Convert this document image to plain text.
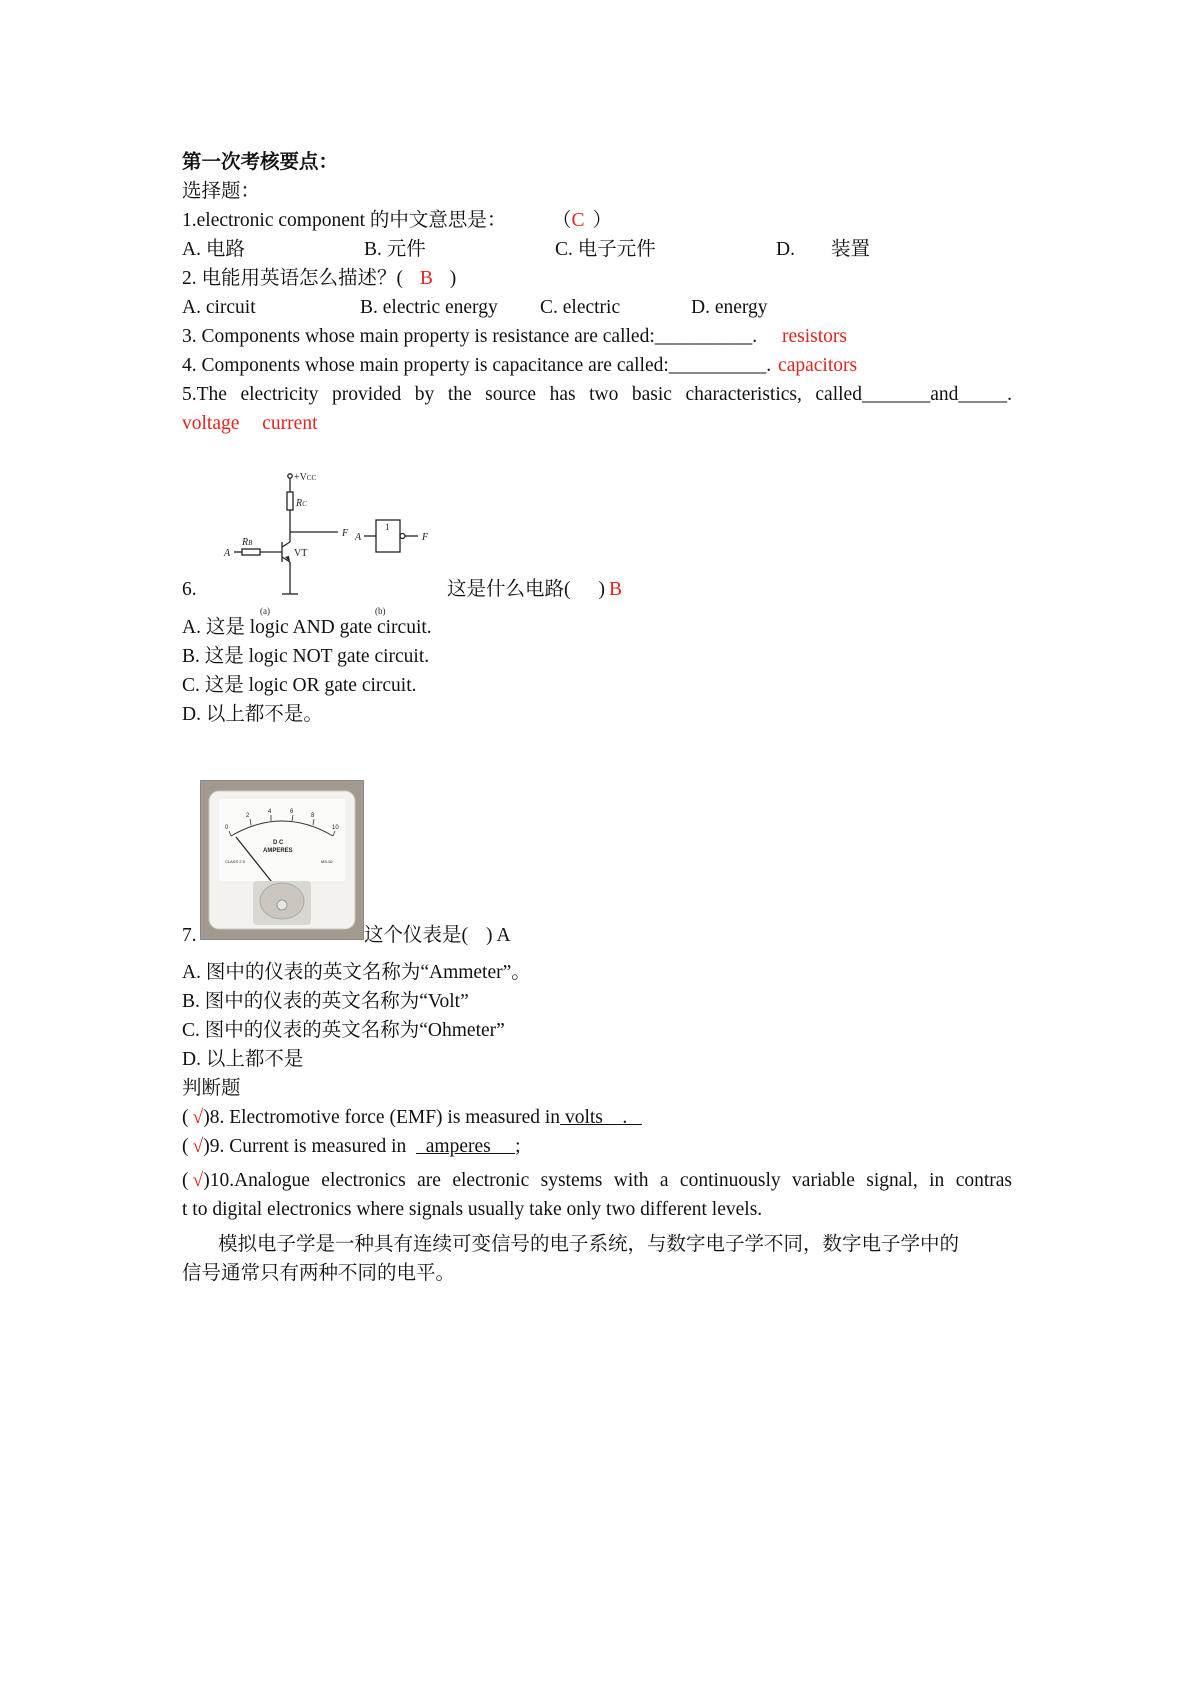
第一次考核要点：
选择题：
1.electronic component 的中文意思是： （C ）
A. 电路	B. 元件	C. 电子元件	D. 装置
2. 电能用英语怎么描述？( B )
A. circuit	B. electric energy C. electric	D. energy
3. Components whose main property is resistance are called:__________. resistors
4. Components whose main property is capacitance are called:__________. capacitors
5.The electricity provided by the source has two basic characteristics, called_______and_____.
voltage current
+VCC
RC
RB
A
F
VT
A	F
1
(a)	(b)
6.	这是什么电路( ) B
A. 这是 logic AND gate circuit.
B. 这是 logic NOT gate circuit.
C. 这是 logic OR gate circuit.
D. 以上都不是。
7.
0
2
4	6
8
10
D C
AMPERES
CLASS 2.5	MS-52
这个仪表是( ) A
A. 图中的仪表的英文名称为“Ammeter”。
B. 图中的仪表的英文名称为“Volt”
C. 图中的仪表的英文名称为“Ohmeter”
D. 以上都不是
判断题
( √)8. Electromotive force (EMF) is measured in volts    .
( √)9. Current is measured in    amperes     ;
( √)10.Analogue electronics are electronic systems with a continuously variable signal, in contras
t to digital electronics where signals usually take only two different levels.
模拟电子学是一种具有连续可变信号的电子系统，与数字电子学不同，数字电子学中的
信号通常只有两种不同的电平。
